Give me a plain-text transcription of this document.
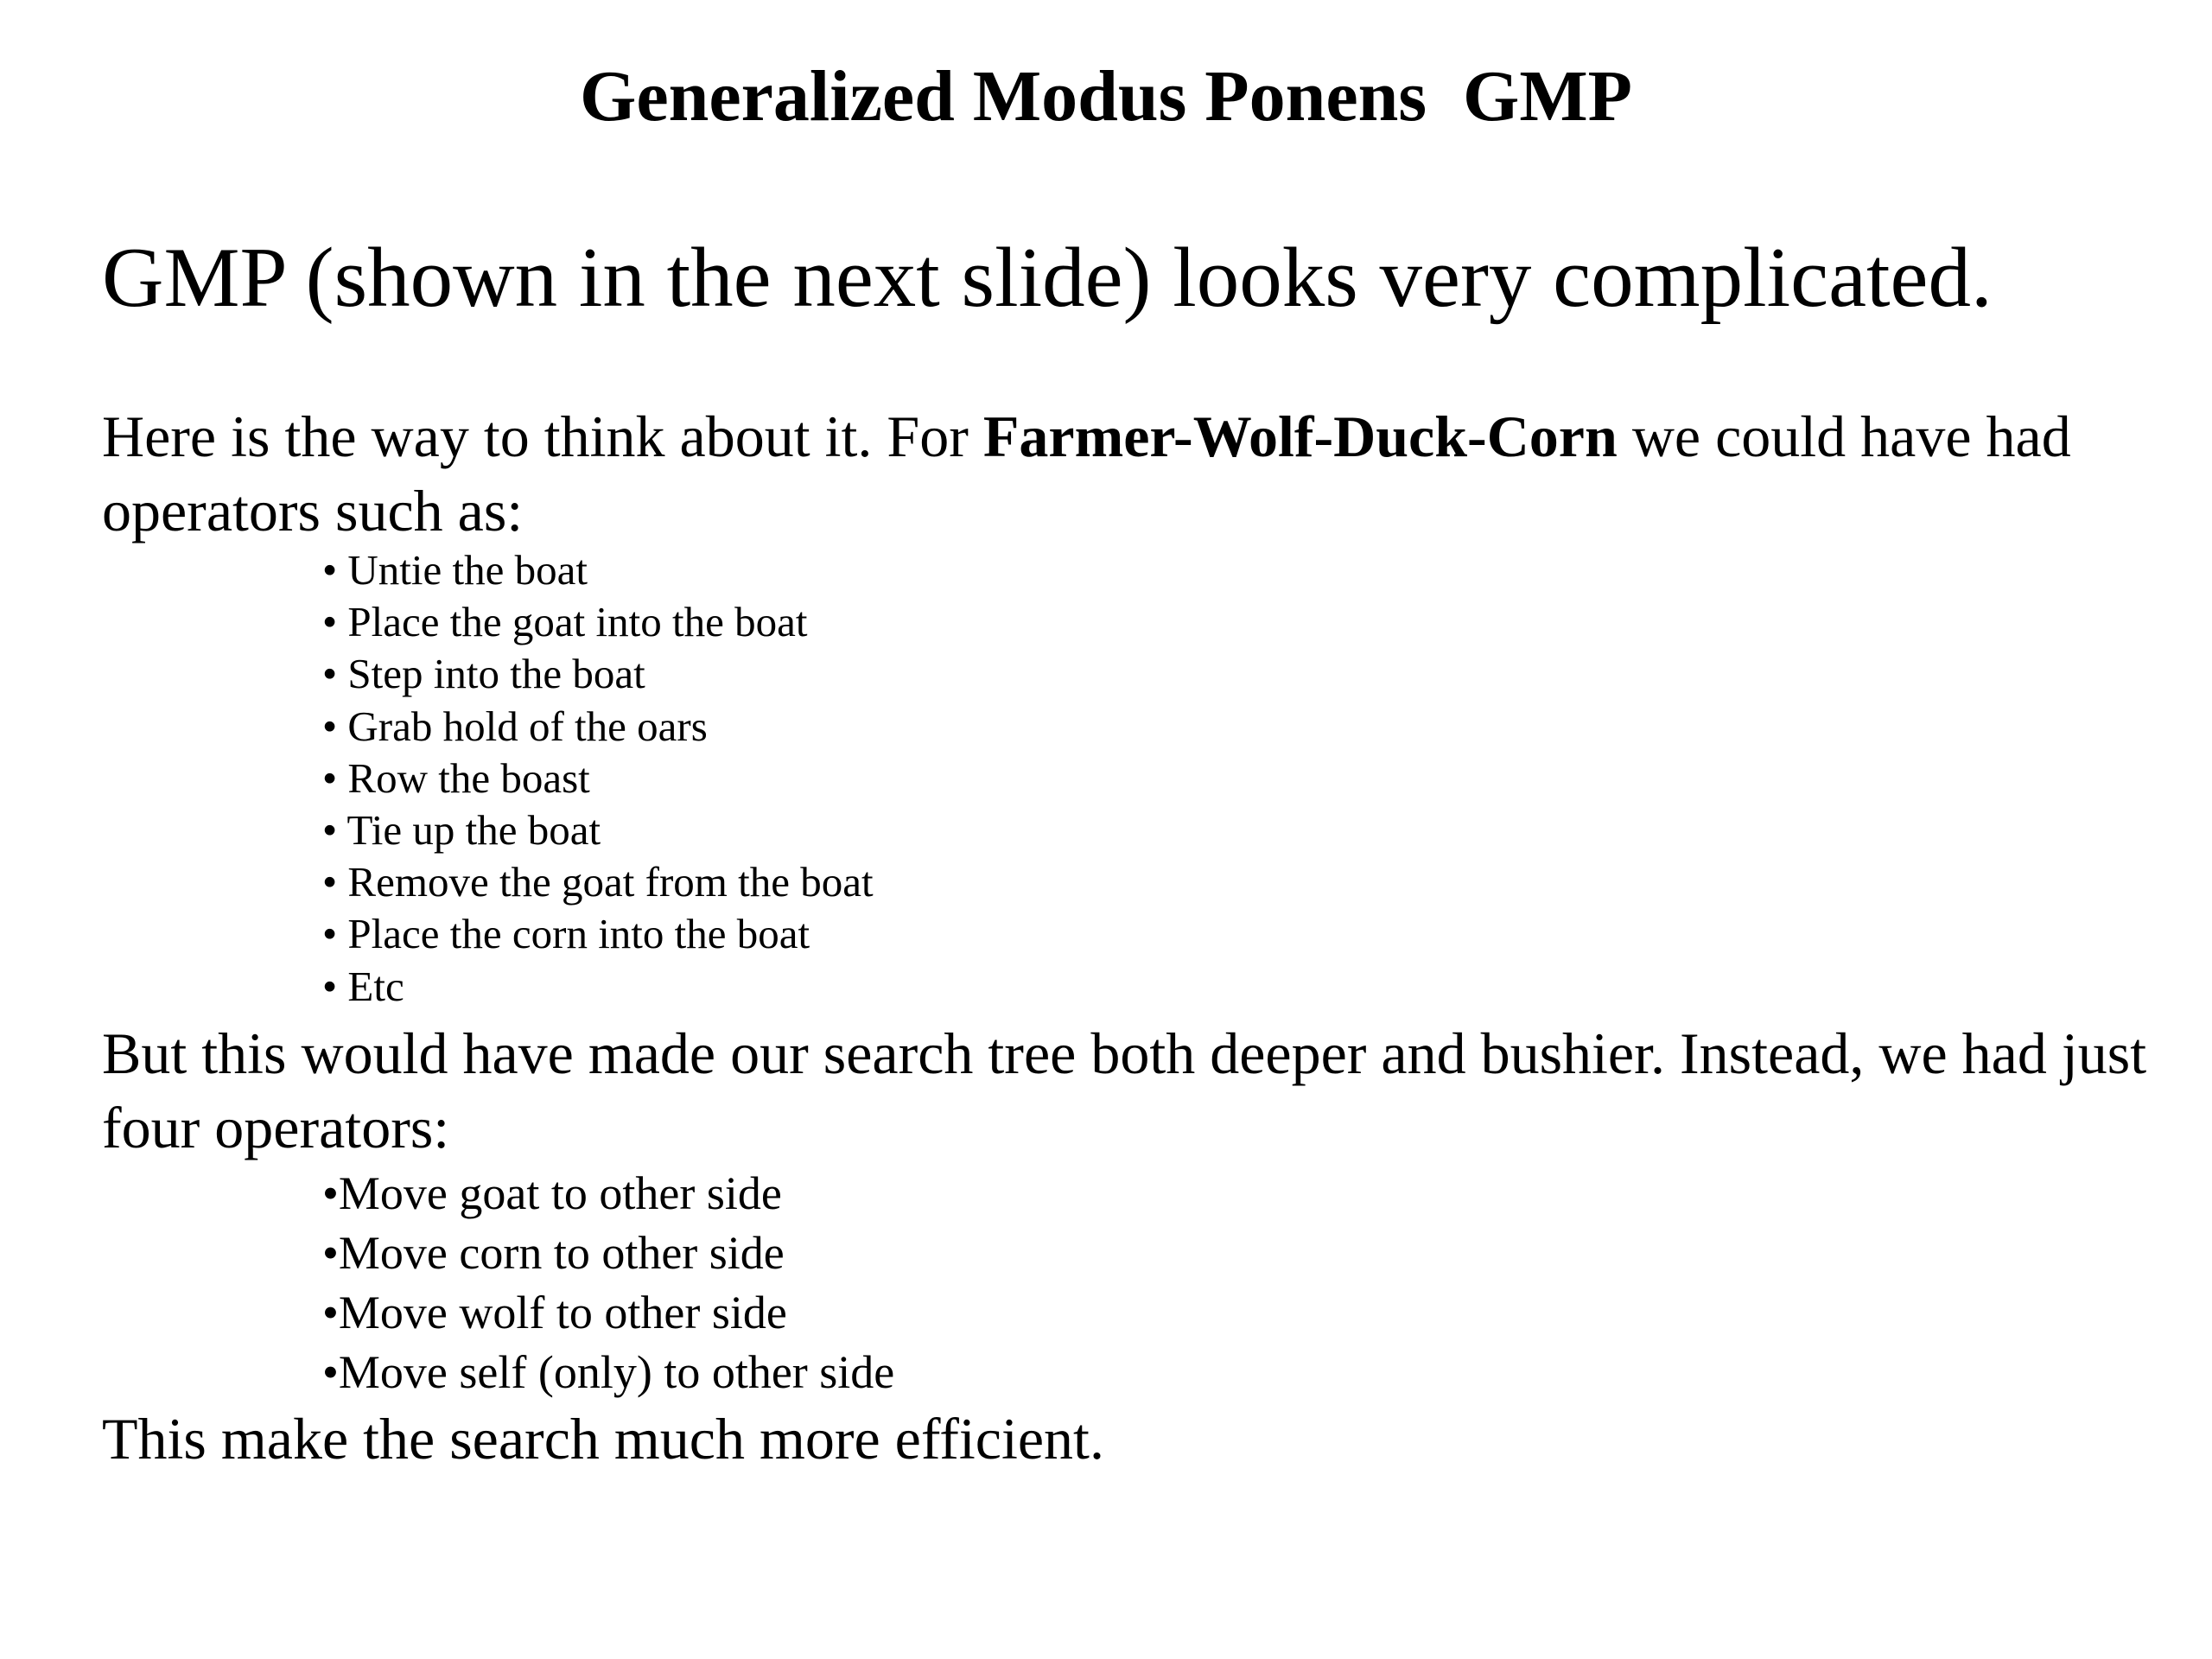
Generalized Modus Ponens  GMP
GMP (shown in the next slide) looks very complicated.
Here is the way to think about it. For Farmer-Wolf-Duck-Corn we could have had operators such as:
• Untie the boat
• Place the goat into the boat
• Step into the boat
• Grab hold of the oars
• Row the boast
• Tie up the boat
• Remove the goat from the boat
• Place the corn into the boat
• Etc
But this would have made our search tree both deeper and bushier. Instead, we had just four operators:
•Move goat to other side
•Move corn to other side
•Move wolf to other side
•Move self (only) to other side
This make the search much more efficient.
